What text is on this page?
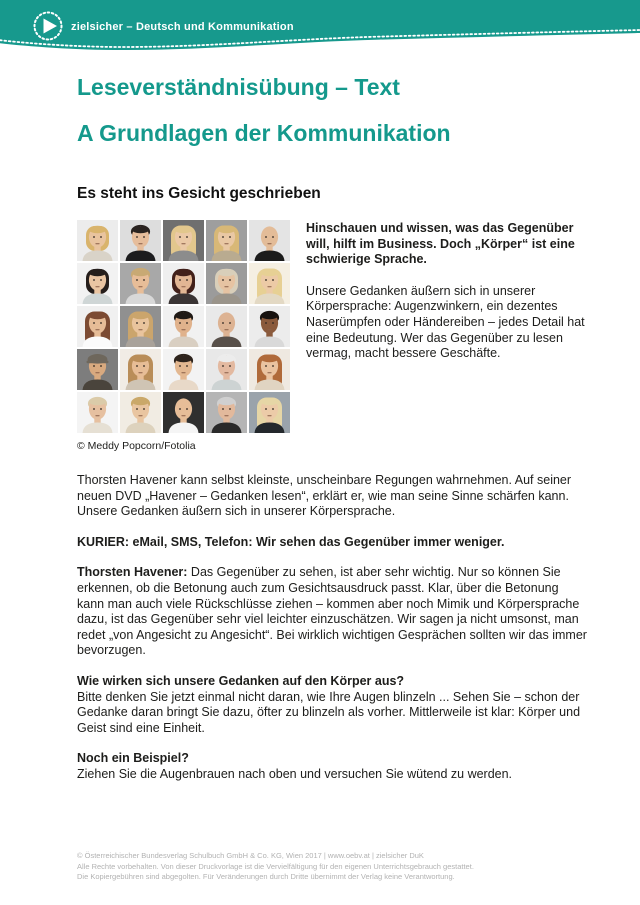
zielsicher – Deutsch und Kommunikation
Leseverständnisübung – Text
A Grundlagen der Kommunikation
Es steht ins Gesicht geschrieben
© Meddy Popcorn/Fotolia
Hinschauen und wissen, was das Gegenüber will, hilft im Business. Doch „Körper“ ist eine schwierige Sprache.
Unsere Gedanken äußern sich in unserer Körpersprache: Augenzwinkern, ein dezentes Naserümpfen oder Händereiben – jedes Detail hat eine Bedeutung. Wer das Gegenüber zu lesen vermag, macht bessere Geschäfte.

Thorsten Havener kann selbst kleinste, unscheinbare Regungen wahrnehmen. Auf seiner neuen DVD „Havener – Gedanken lesen“, erklärt er, wie man seine Sinne schärfen kann. Unsere Gedanken äußern sich in unserer Körpersprache.

KURIER: eMail, SMS, Telefon: Wir sehen das Gegenüber immer weniger.

Thorsten Havener: Das Gegenüber zu sehen, ist aber sehr wichtig. Nur so können Sie erkennen, ob die Betonung auch zum Gesichtsausdruck passt. Klar, über die Betonung kann man auch viele Rückschlüsse ziehen – kommen aber noch Mimik und Körpersprache dazu, ist das Gegenüber sehr viel leichter einzuschätzen. Wir sagen ja nicht umsonst, man redet „von Angesicht zu Angesicht“. Bei wirklich wichtigen Gesprächen sollten wir das immer bevorzugen.

Wie wirken sich unsere Gedanken auf den Körper aus?
Bitte denken Sie jetzt einmal nicht daran, wie Ihre Augen blinzeln ... Sehen Sie – schon der Gedanke daran bringt Sie dazu, öfter zu blinzeln als vorher. Mittlerweile ist klar: Körper und Geist sind eine Einheit.

Noch ein Beispiel?
Ziehen Sie die Augenbrauen nach oben und versuchen Sie wütend zu werden.

© Österreichischer Bundesverlag Schulbuch GmbH & Co. KG, Wien 2017 | www.oebv.at | zielsicher DuK
Alle Rechte vorbehalten. Von dieser Druckvorlage ist die Vervielfältigung für den eigenen Unterrichtsgebrauch gestattet.
Die Kopiergebühren sind abgegolten. Für Veränderungen durch Dritte übernimmt der Verlag keine Verantwortung.
